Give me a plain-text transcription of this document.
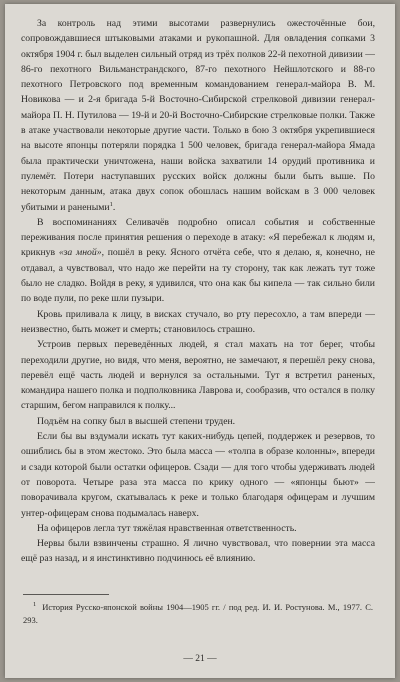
За контроль над этими высотами развернулись ожесточённые бои, сопровождавшиеся штыковыми атаками и рукопашной. Для овладения сопками 3 октября 1904 г. был выделен сильный отряд из трёх полков 22-й пехотной дивизии — 86-го пехотного Вильманстрандского, 87-го пехотного Нейшлотского и 88-го пехотного Петровского под временным командованием генерал-майора В. М. Новикова — и 2-я бригада 5-й Восточно-Сибирской стрелковой дивизии генерал-майора П. Н. Путилова — 19-й и 20-й Восточно-Сибирские стрелковые полки. Также в атаке участвовали некоторые другие части. Только в бою 3 октября укрепившиеся на высоте японцы потеряли порядка 1 500 человек, бригада генерал-майора Ямада была практически уничтожена, наши войска захватили 14 орудий противника и пулемёт. Потери наступавших русских войск должны были быть выше. По некоторым данным, атака двух сопок обошлась нашим войскам в 3 000 человек убитыми и ранеными$^1$.

В воспоминаниях Селивачёв подробно описал события и собственные переживания после принятия решения о переходе в атаку: «Я перебежал к людям и, крикнув «за мной», пошёл в реку. Ясного отчёта себе, что я делаю, я, конечно, не отдавал, а чувствовал, что надо же перейти на ту сторону, так как лежать тут тоже было не сладко. Войдя в реку, я удивился, что она как бы кипела — так сильно били по воде пули, по реке шли пузыри.

Кровь приливала к лицу, в висках стучало, во рту пересохло, а там впереди — неизвестно, быть может и смерть; становилось страшно.

Устроив первых переведённых людей, я стал махать на тот берег, чтобы переходили другие, но видя, что меня, вероятно, не замечают, я перешёл реку снова, перевёл ещё часть людей и вернулся за остальными. Тут я встретил раненых, командира нашего полка и подполковника Лаврова и, сообразив, что остался в полку старшим, бегом направился к полку...

Подъём на сопку был в высшей степени труден.

Если бы вы вздумали искать тут каких-нибудь цепей, поддержек и резервов, то ошиблись бы в этом жестоко. Это была масса — «толпа в образе колонны», впереди и сзади которой были остатки офицеров. Сзади — для того чтобы удерживать людей от поворота. Четыре раза эта масса по крику одного — «японцы бьют» — поворачивала кругом, скатывалась к реке и только благодаря офицерам и лучшим унтер-офицерам снова подымалась наверх.

На офицеров легла тут тяжёлая нравственная ответственность.

Нервы были взвинчены страшно. Я лично чувствовал, что повернии эта масса ещё раз назад, и я инстинктивно подчинюсь её влиянию.

$^1$ История Русско-японской войны 1904—1905 гг. / под ред. И. И. Ростунова. М., 1977. С. 293.
— 21 —
